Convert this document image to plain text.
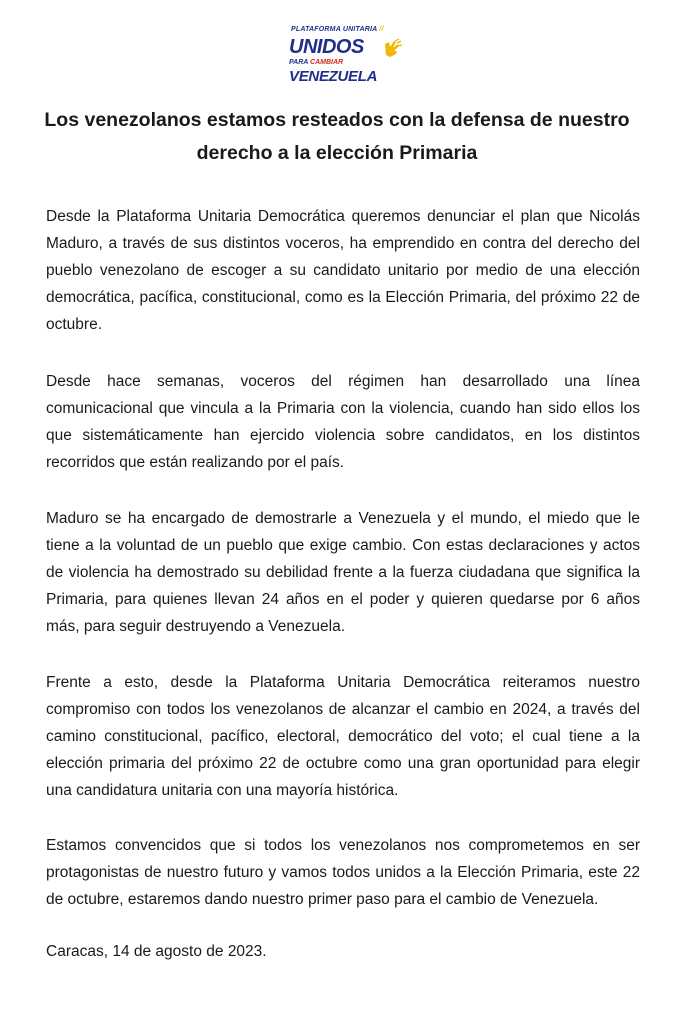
PLATAFORMA UNITARIA //
UNIDOS
PARA CAMBIAR
VENEZUELA
Los venezolanos estamos resteados con la defensa de nuestro derecho a la elección Primaria

Desde la Plataforma Unitaria Democrática queremos denunciar el plan que Nicolás Maduro, a través de sus distintos voceros, ha emprendido en contra del derecho del pueblo venezolano de escoger a su candidato unitario por medio de una elección democrática, pacífica, constitucional, como es la Elección Primaria, del próximo 22 de octubre.

Desde hace semanas, voceros del régimen han desarrollado una línea comunicacional que vincula a la Primaria con la violencia, cuando han sido ellos los que sistemáticamente han ejercido violencia sobre candidatos, en los distintos recorridos que están realizando por el país.

Maduro se ha encargado de demostrarle a Venezuela y el mundo, el miedo que le tiene a la voluntad de un pueblo que exige cambio. Con estas declaraciones y actos de violencia ha demostrado su debilidad frente a la fuerza ciudadana que significa la Primaria, para quienes llevan 24 años en el poder y quieren quedarse por 6 años más, para seguir destruyendo a Venezuela.

Frente a esto, desde la Plataforma Unitaria Democrática reiteramos nuestro compromiso con todos los venezolanos de alcanzar el cambio en 2024, a través del camino constitucional, pacífico, electoral, democrático del voto; el cual tiene a la elección primaria del próximo 22 de octubre como una gran oportunidad para elegir una candidatura unitaria con una mayoría histórica.

Estamos convencidos que si todos los venezolanos nos comprometemos en ser protagonistas de nuestro futuro y vamos todos unidos a la Elección Primaria, este 22 de octubre, estaremos dando nuestro primer paso para el cambio de Venezuela.

Caracas, 14 de agosto de 2023.
